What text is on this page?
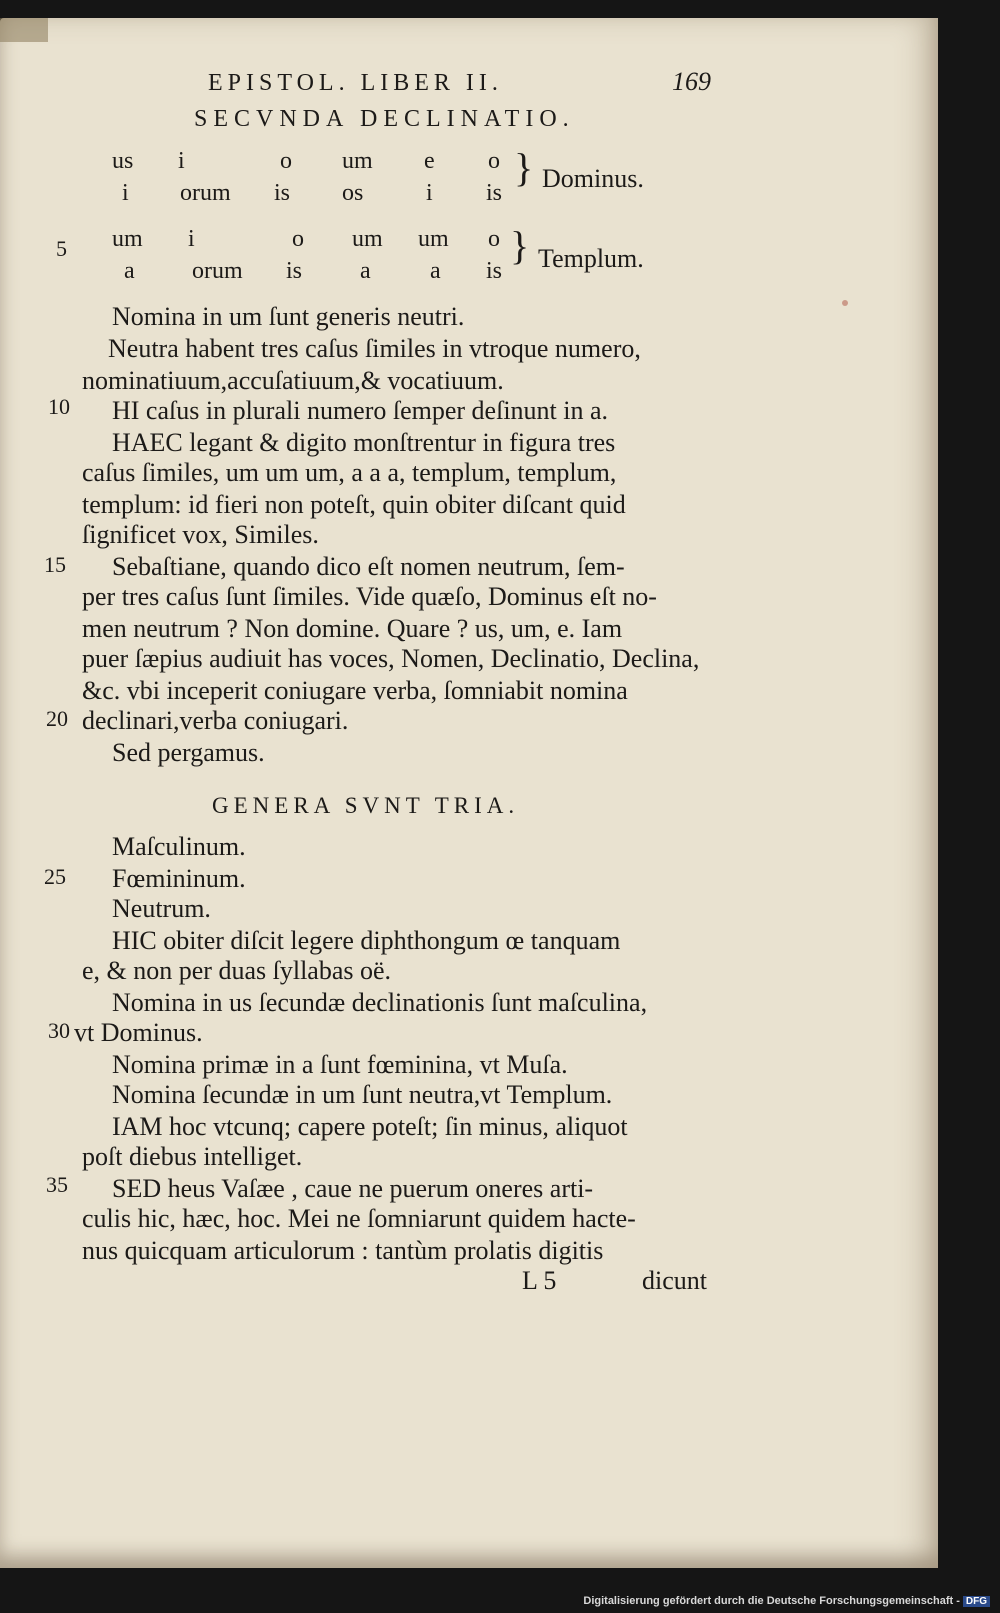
EPISTOL. LIBER II.	169
SECVNDA DECLINATIO.
us i	o um e o
i orum is os	i is
} Dominus.
um i	o um um o
a orum is a a is
} Templum.
5
10
15
20
25
30
35
Nomina in um ſunt generis neutri.
Neutra habent tres caſus ſimiles in vtroque numero,
nominatiuum,accuſatiuum,& vocatiuum.
HI caſus in plurali numero ſemper deſinunt in a.
HAEC legant & digito monſtrentur in figura tres
caſus ſimiles, um um um, a a a, templum, templum,
templum: id fieri non poteſt, quin obiter diſcant quid
ſignificet vox, Similes.
Sebaſtiane, quando dico eſt nomen neutrum, ſem-
per tres caſus ſunt ſimiles. Vide quæſo, Dominus eſt no-
men neutrum ? Non domine. Quare ? us, um, e. Iam
puer ſæpius audiuit has voces, Nomen, Declinatio, Declina,
&c. vbi inceperit coniugare verba, ſomniabit nomina
declinari,verba coniugari.
Sed pergamus.
GENERA SVNT TRIA.
Maſculinum.
Fœmininum.
Neutrum.
HIC obiter diſcit legere diphthongum œ tanquam
e, & non per duas ſyllabas oë.
Nomina in us ſecundæ declinationis ſunt maſculina,
vt Dominus.
Nomina primæ in a ſunt fœminina, vt Muſa.
Nomina ſecundæ in um ſunt neutra,vt Templum.
IAM hoc vtcunq; capere poteſt; ſin minus, aliquot
poſt diebus intelliget.
SED heus Vaſæe , caue ne puerum oneres arti-
culis hic, hæc, hoc. Mei ne ſomniarunt quidem hacte-
nus quicquam articulorum : tantùm prolatis digitis
L 5	dicunt
Digitalisierung gefördert durch die Deutsche Forschungsgemeinschaft - DFG
